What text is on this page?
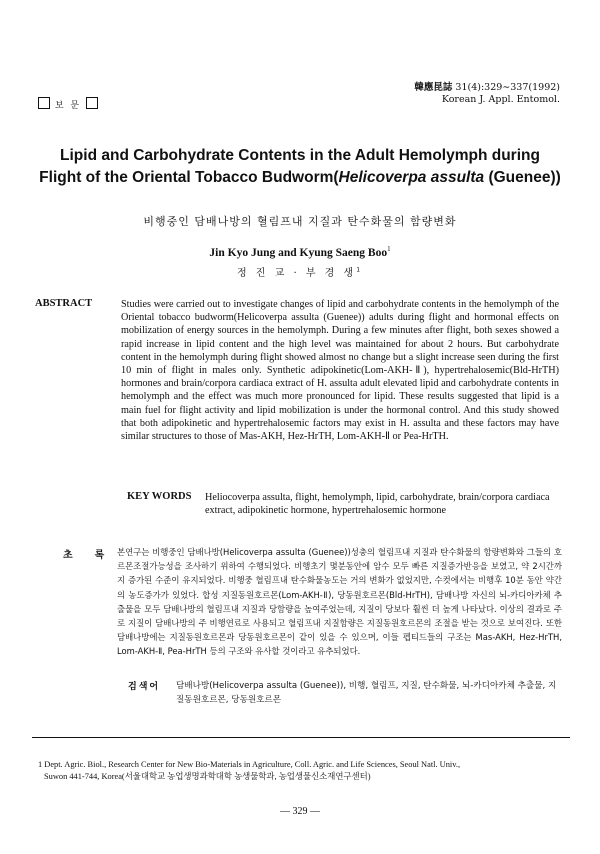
보 문
韓應昆誌 31(4):329∼337(1992)
Korean J. Appl. Entomol.
Lipid and Carbohydrate Contents in the Adult Hemolymph during
Flight of the Oriental Tobacco Budworm(Helicoverpa assulta (Guenee))
비행중인 담배나방의 혈림프내 지질과 탄수화물의 함량변화
Jin Kyo Jung and Kyung Saeng Boo$^1$
정 진 교 · 부 경 생$^1$
ABSTRACT	Studies were carried out to investigate changes of lipid and carbohydrate contents in the hemolymph of the Oriental tobacco budworm(Helicoverpa assulta (Guenee)) adults during flight and hormonal effects on mobilization of energy sources in the hemolymph. During a few minutes after flight, both sexes showed a rapid increase in lipid content and the high level was maintained for about 2 hours. But carbohydrate content in the hemolymph during flight showed almost no change but a slight increase seen during the first 10 min of flight in males only. Synthetic adipokinetic(Lom-AKH-Ⅱ), hypertrehalosemic(Bld-HrTH) hormones and brain/corpora cardiaca extract of H. assulta adult elevated lipid and carbohydrate contents in hemolymph and the effect was much more pronounced for lipid. These results suggested that lipid is a main fuel for flight activity and lipid mobilization is under the hormonal control. And this study showed that both adipokinetic and hypertrehalosemic factors may exist in H. assulta and these factors may have similar structures to those of Mas-AKH, Hez-HrTH, Lom-AKH-Ⅱ or Pea-HrTH.
KEY WORDS Heliocoverpa assulta, flight, hemolymph, lipid, carbohydrate, brain/corpora cardiaca extract, adipokinetic hormone, hypertrehalosemic hormone
초록
본연구는 비행중인 담배나방(Helicoverpa assulta (Guenee))성충의 혈림프내 지질과 탄수화물의 함량변화와 그들의 호르몬조절가능성을 조사하기 위하여 수행되었다. 비행초기 몇분동안에 암수 모두 빠른 지질증가반응을 보였고, 약 2시간까지 증가된 수준이 유지되었다. 비행중 혈림프내 탄수화물농도는 거의 변화가 없었지만, 수컷에서는 비행후 10분 동안 약간의 농도증가가 있었다. 합성 지질동원호르몬(Lom-AKH-Ⅱ), 당동원호르몬(Bld-HrTH), 담배나방 자신의 뇌-카디아카체 추출물을 모두 담배나방의 혈림프내 지질과 당함량을 높여주었는데, 지질이 당보다 훨씬 더 높게 나타났다. 이상의 결과로 주로 지질이 담배나방의 주 비행연료로 사용되고 혈림프내 지질함량은 지질동원호르몬의 조절을 받는 것으로 보여진다. 또한 담배나방에는 지질동원호르몬과 당동원호르몬이 같이 있을 수 있으며, 이들 펩티드들의 구조는 Mas-AKH, Hez-HrTH, Lom-AKH-Ⅱ, Pea-HrTH 등의 구조와 유사할 것이라고 유추되었다.
검색어 담배나방(Helicoverpa assulta (Guenee)), 비행, 혈림프, 지질, 탄수화물, 뇌-카디아카체 추출물, 지질동원호르몬, 당동원호르몬
1 Dept. Agric. Biol., Research Center for New Bio-Materials in Agriculture, Coll. Agric. and Life Sciences, Seoul Natl. Univ.,
Suwon 441-744, Korea(서울대학교 농업생명과학대학 농생물학과, 농업생물신소재연구센터)
— 329 —
